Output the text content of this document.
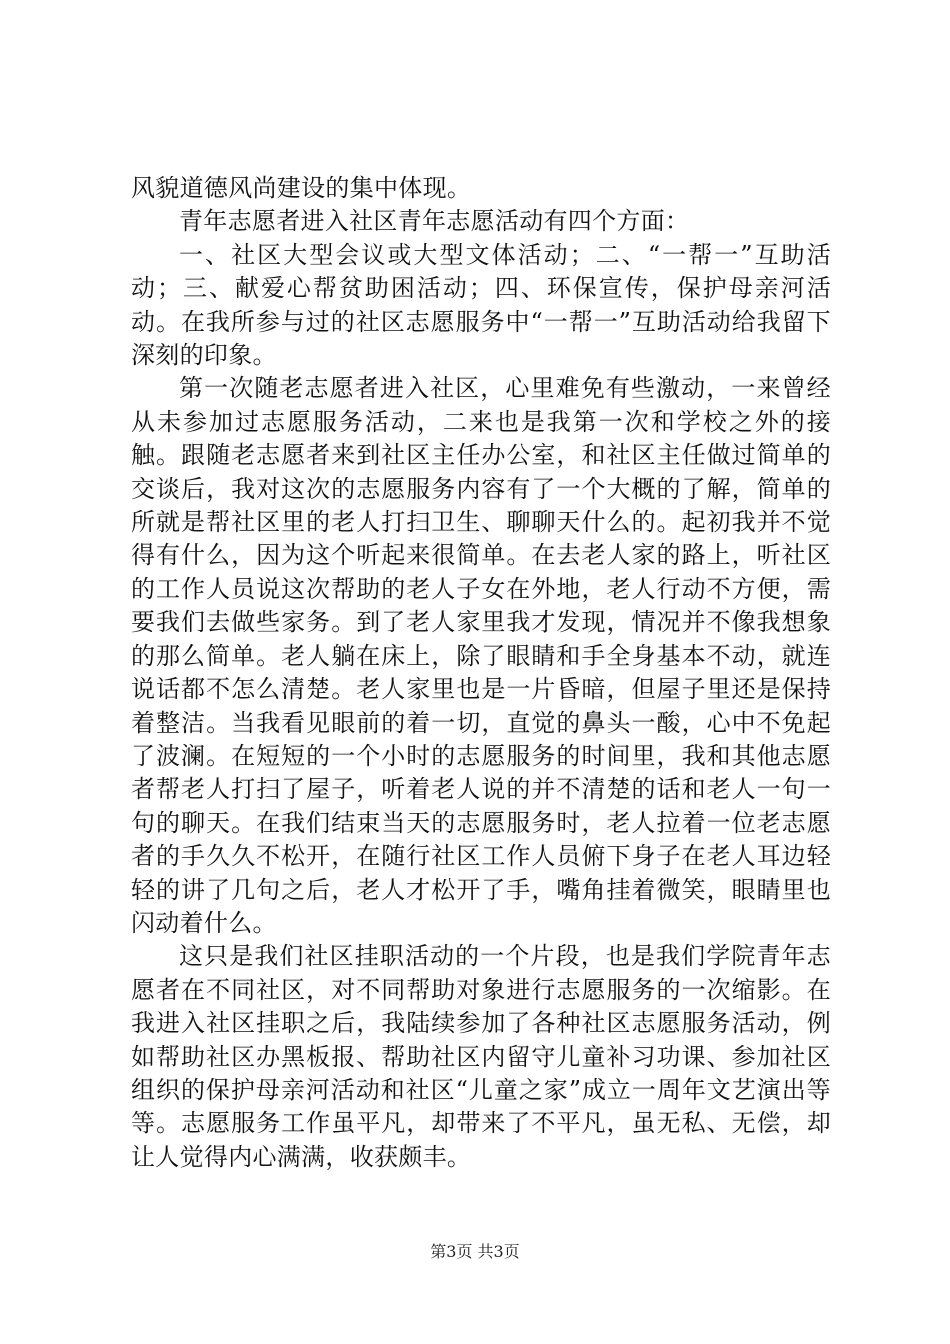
风貌道德风尚建设的集中体现。

青年志愿者进入社区青年志愿活动有四个方面：

一、社区大型会议或大型文体活动；二、“一帮一”互助活动；三、献爱心帮贫助困活动；四、环保宣传，保护母亲河活动。在我所参与过的社区志愿服务中“一帮一”互助活动给我留下深刻的印象。

第一次随老志愿者进入社区，心里难免有些激动，一来曾经从未参加过志愿服务活动，二来也是我第一次和学校之外的接触。跟随老志愿者来到社区主任办公室，和社区主任做过简单的交谈后，我对这次的志愿服务内容有了一个大概的了解，简单的所就是帮社区里的老人打扫卫生、聊聊天什么的。起初我并不觉得有什么，因为这个听起来很简单。在去老人家的路上，听社区的工作人员说这次帮助的老人子女在外地，老人行动不方便，需要我们去做些家务。到了老人家里我才发现，情况并不像我想象的那么简单。老人躺在床上，除了眼睛和手全身基本不动，就连说话都不怎么清楚。老人家里也是一片昏暗，但屋子里还是保持着整洁。当我看见眼前的着一切，直觉的鼻头一酸，心中不免起了波澜。在短短的一个小时的志愿服务的时间里，我和其他志愿者帮老人打扫了屋子，听着老人说的并不清楚的话和老人一句一句的聊天。在我们结束当天的志愿服务时，老人拉着一位老志愿者的手久久不松开，在随行社区工作人员俯下身子在老人耳边轻轻的讲了几句之后，老人才松开了手，嘴角挂着微笑，眼睛里也闪动着什么。

这只是我们社区挂职活动的一个片段，也是我们学院青年志愿者在不同社区，对不同帮助对象进行志愿服务的一次缩影。在我进入社区挂职之后，我陆续参加了各种社区志愿服务活动，例如帮助社区办黑板报、帮助社区内留守儿童补习功课、参加社区组织的保护母亲河活动和社区“儿童之家”成立一周年文艺演出等等。志愿服务工作虽平凡，却带来了不平凡，虽无私、无偿，却让人觉得内心满满，收获颇丰。

第3页 共3页
